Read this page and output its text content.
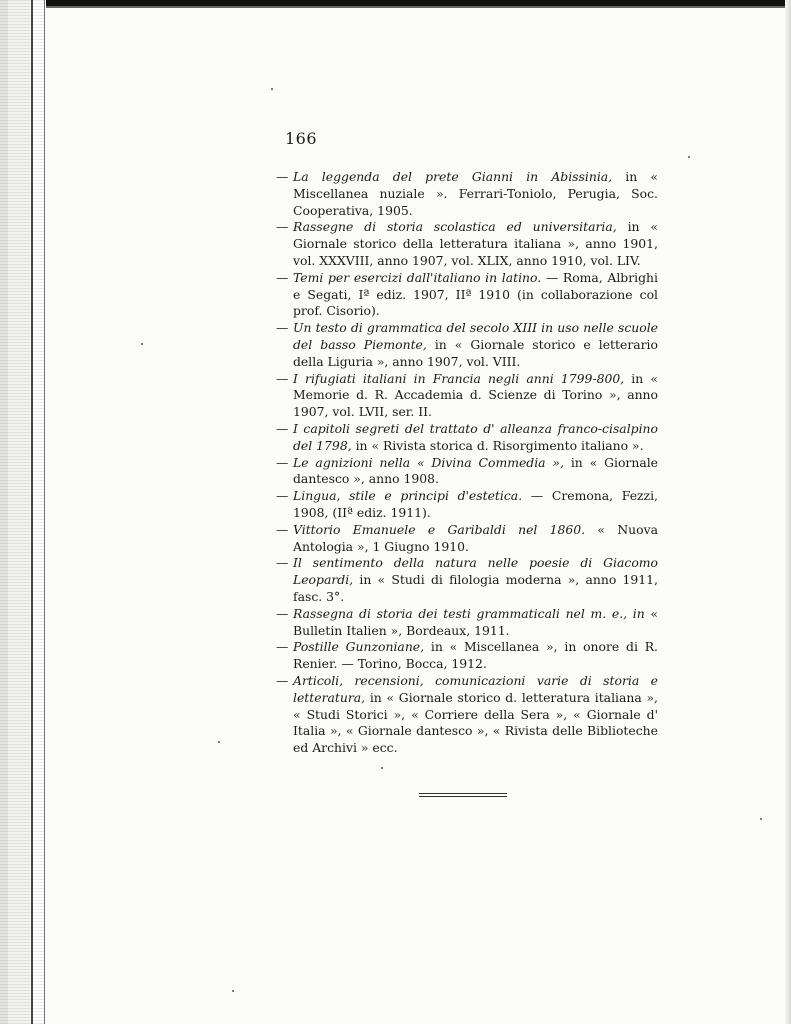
166
— La leggenda del prete Gianni in Abissinia, in « Miscellanea nuziale ». Ferrari-Toniolo, Perugia, Soc. Cooperativa, 1905.
— Rassegne di storia scolastica ed universitaria, in « Giornale storico della letteratura italiana », anno 1901, vol. XXXVIII, anno 1907, vol. XLIX, anno 1910, vol. LIV.
— Temi per esercizi dall'italiano in latino. — Roma, Albrighi e Segati, Iª ediz. 1907, IIª 1910 (in collaborazione col prof. Cisorio).
— Un testo di grammatica del secolo XIII in uso nelle scuole del basso Piemonte, in « Giornale storico e letterario della Liguria », anno 1907, vol. VIII.
— I rifugiati italiani in Francia negli anni 1799-800, in « Memorie d. R. Accademia d. Scienze di Torino », anno 1907, vol. LVII, ser. II.
— I capitoli segreti del trattato d' alleanza franco-cisalpino del 1798, in « Rivista storica d. Risorgimento italiano ».
— Le agnizioni nella « Divina Commedia », in « Giornale dantesco », anno 1908.
— Lingua, stile e principi d'estetica. — Cremona, Fezzi, 1908, (IIª ediz. 1911).
— Vittorio Emanuele e Garibaldi nel 1860. « Nuova Antologia », 1 Giugno 1910.
— Il sentimento della natura nelle poesie di Giacomo Leopardi, in « Studi di filologia moderna », anno 1911, fasc. 3°.
— Rassegna di storia dei testi grammaticali nel m. e., in « Bulletin Italien », Bordeaux, 1911.
— Postille Gunzoniane, in « Miscellanea », in onore di R. Renier. — Torino, Bocca, 1912.
— Articoli, recensioni, comunicazioni varie di storia e letteratura, in « Giornale storico d. letteratura italiana », « Studi Storici », « Corriere della Sera », « Giornale d' Italia », « Giornale dantesco », « Rivista delle Biblioteche ed Archivi » ecc.
